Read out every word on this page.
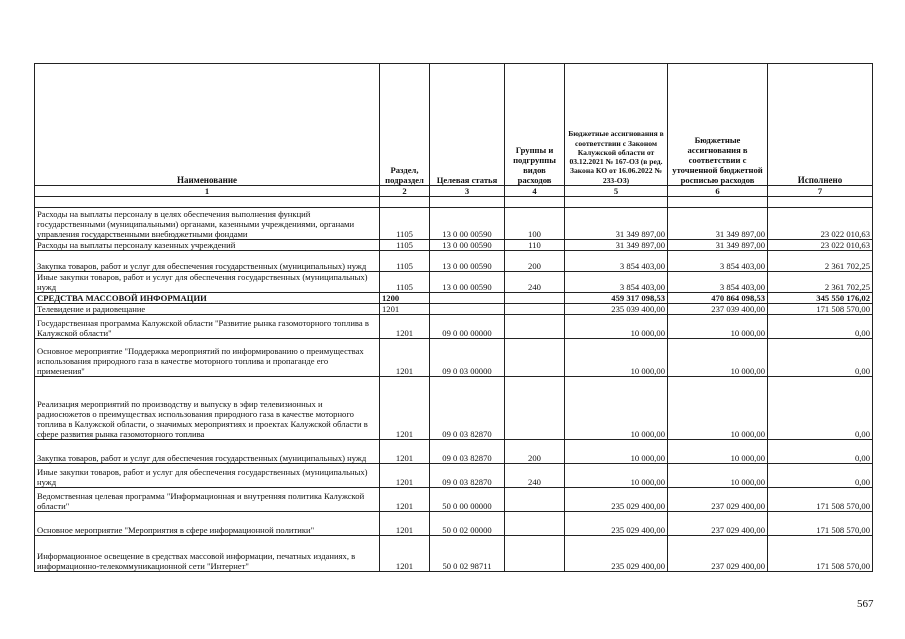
Наименование	Раздел, подраздел	Целевая статья	Группы и подгруппы видов расходов	Бюджетные ассигнования в соответствии с Законом Калужской области от 03.12.2021 № 167-ОЗ (в ред. Закона КО от 16.06.2022 № 233-ОЗ)	Бюджетные ассигнования в соответствии с уточненной бюджетной росписью расходов	Исполнено
1	2	3	4	5	6	7

Расходы на выплаты персоналу в целях обеспечения выполнения функций государственными (муниципальными) органами, казенными учреждениями, органами управления государственными внебюджетными фондами	1105	13 0 00 00590	100	31 349 897,00	31 349 897,00	23 022 010,63
Расходы на выплаты персоналу казенных учреждений	1105	13 0 00 00590	110	31 349 897,00	31 349 897,00	23 022 010,63
Закупка товаров, работ и услуг для обеспечения государственных (муниципальных) нужд	1105	13 0 00 00590	200	3 854 403,00	3 854 403,00	2 361 702,25
Иные закупки товаров, работ и услуг для обеспечения государственных (муниципальных) нужд	1105	13 0 00 00590	240	3 854 403,00	3 854 403,00	2 361 702,25
СРЕДСТВА МАССОВОЙ ИНФОРМАЦИИ	1200			459 317 098,53	470 864 098,53	345 550 176,02
Телевидение и радиовещание	1201			235 039 400,00	237 039 400,00	171 508 570,00
Государственная программа Калужской области "Развитие рынка газомоторного топлива в Калужской области"	1201	09 0 00 00000		10 000,00	10 000,00	0,00
Основное мероприятие "Поддержка мероприятий по информированию о преимуществах использования природного газа в качестве моторного топлива и пропаганде его применения"	1201	09 0 03 00000		10 000,00	10 000,00	0,00
Реализация мероприятий по производству и выпуску в эфир телевизионных и радиосюжетов о преимуществах использования природного газа в качестве моторного топлива в Калужской области, о значимых мероприятиях и проектах Калужской области в сфере развития рынка газомоторного топлива	1201	09 0 03 82870		10 000,00	10 000,00	0,00
Закупка товаров, работ и услуг для обеспечения государственных (муниципальных) нужд	1201	09 0 03 82870	200	10 000,00	10 000,00	0,00
Иные закупки товаров, работ и услуг для обеспечения государственных (муниципальных) нужд	1201	09 0 03 82870	240	10 000,00	10 000,00	0,00
Ведомственная целевая программа "Информационная и внутренняя политика Калужской области"	1201	50 0 00 00000		235 029 400,00	237 029 400,00	171 508 570,00
Основное мероприятие "Мероприятия в сфере информационной политики"	1201	50 0 02 00000		235 029 400,00	237 029 400,00	171 508 570,00
Информационное освещение в средствах массовой информации, печатных изданиях, в информационно-телекоммуникационной сети "Интернет"	1201	50 0 02 98711		235 029 400,00	237 029 400,00	171 508 570,00
567
